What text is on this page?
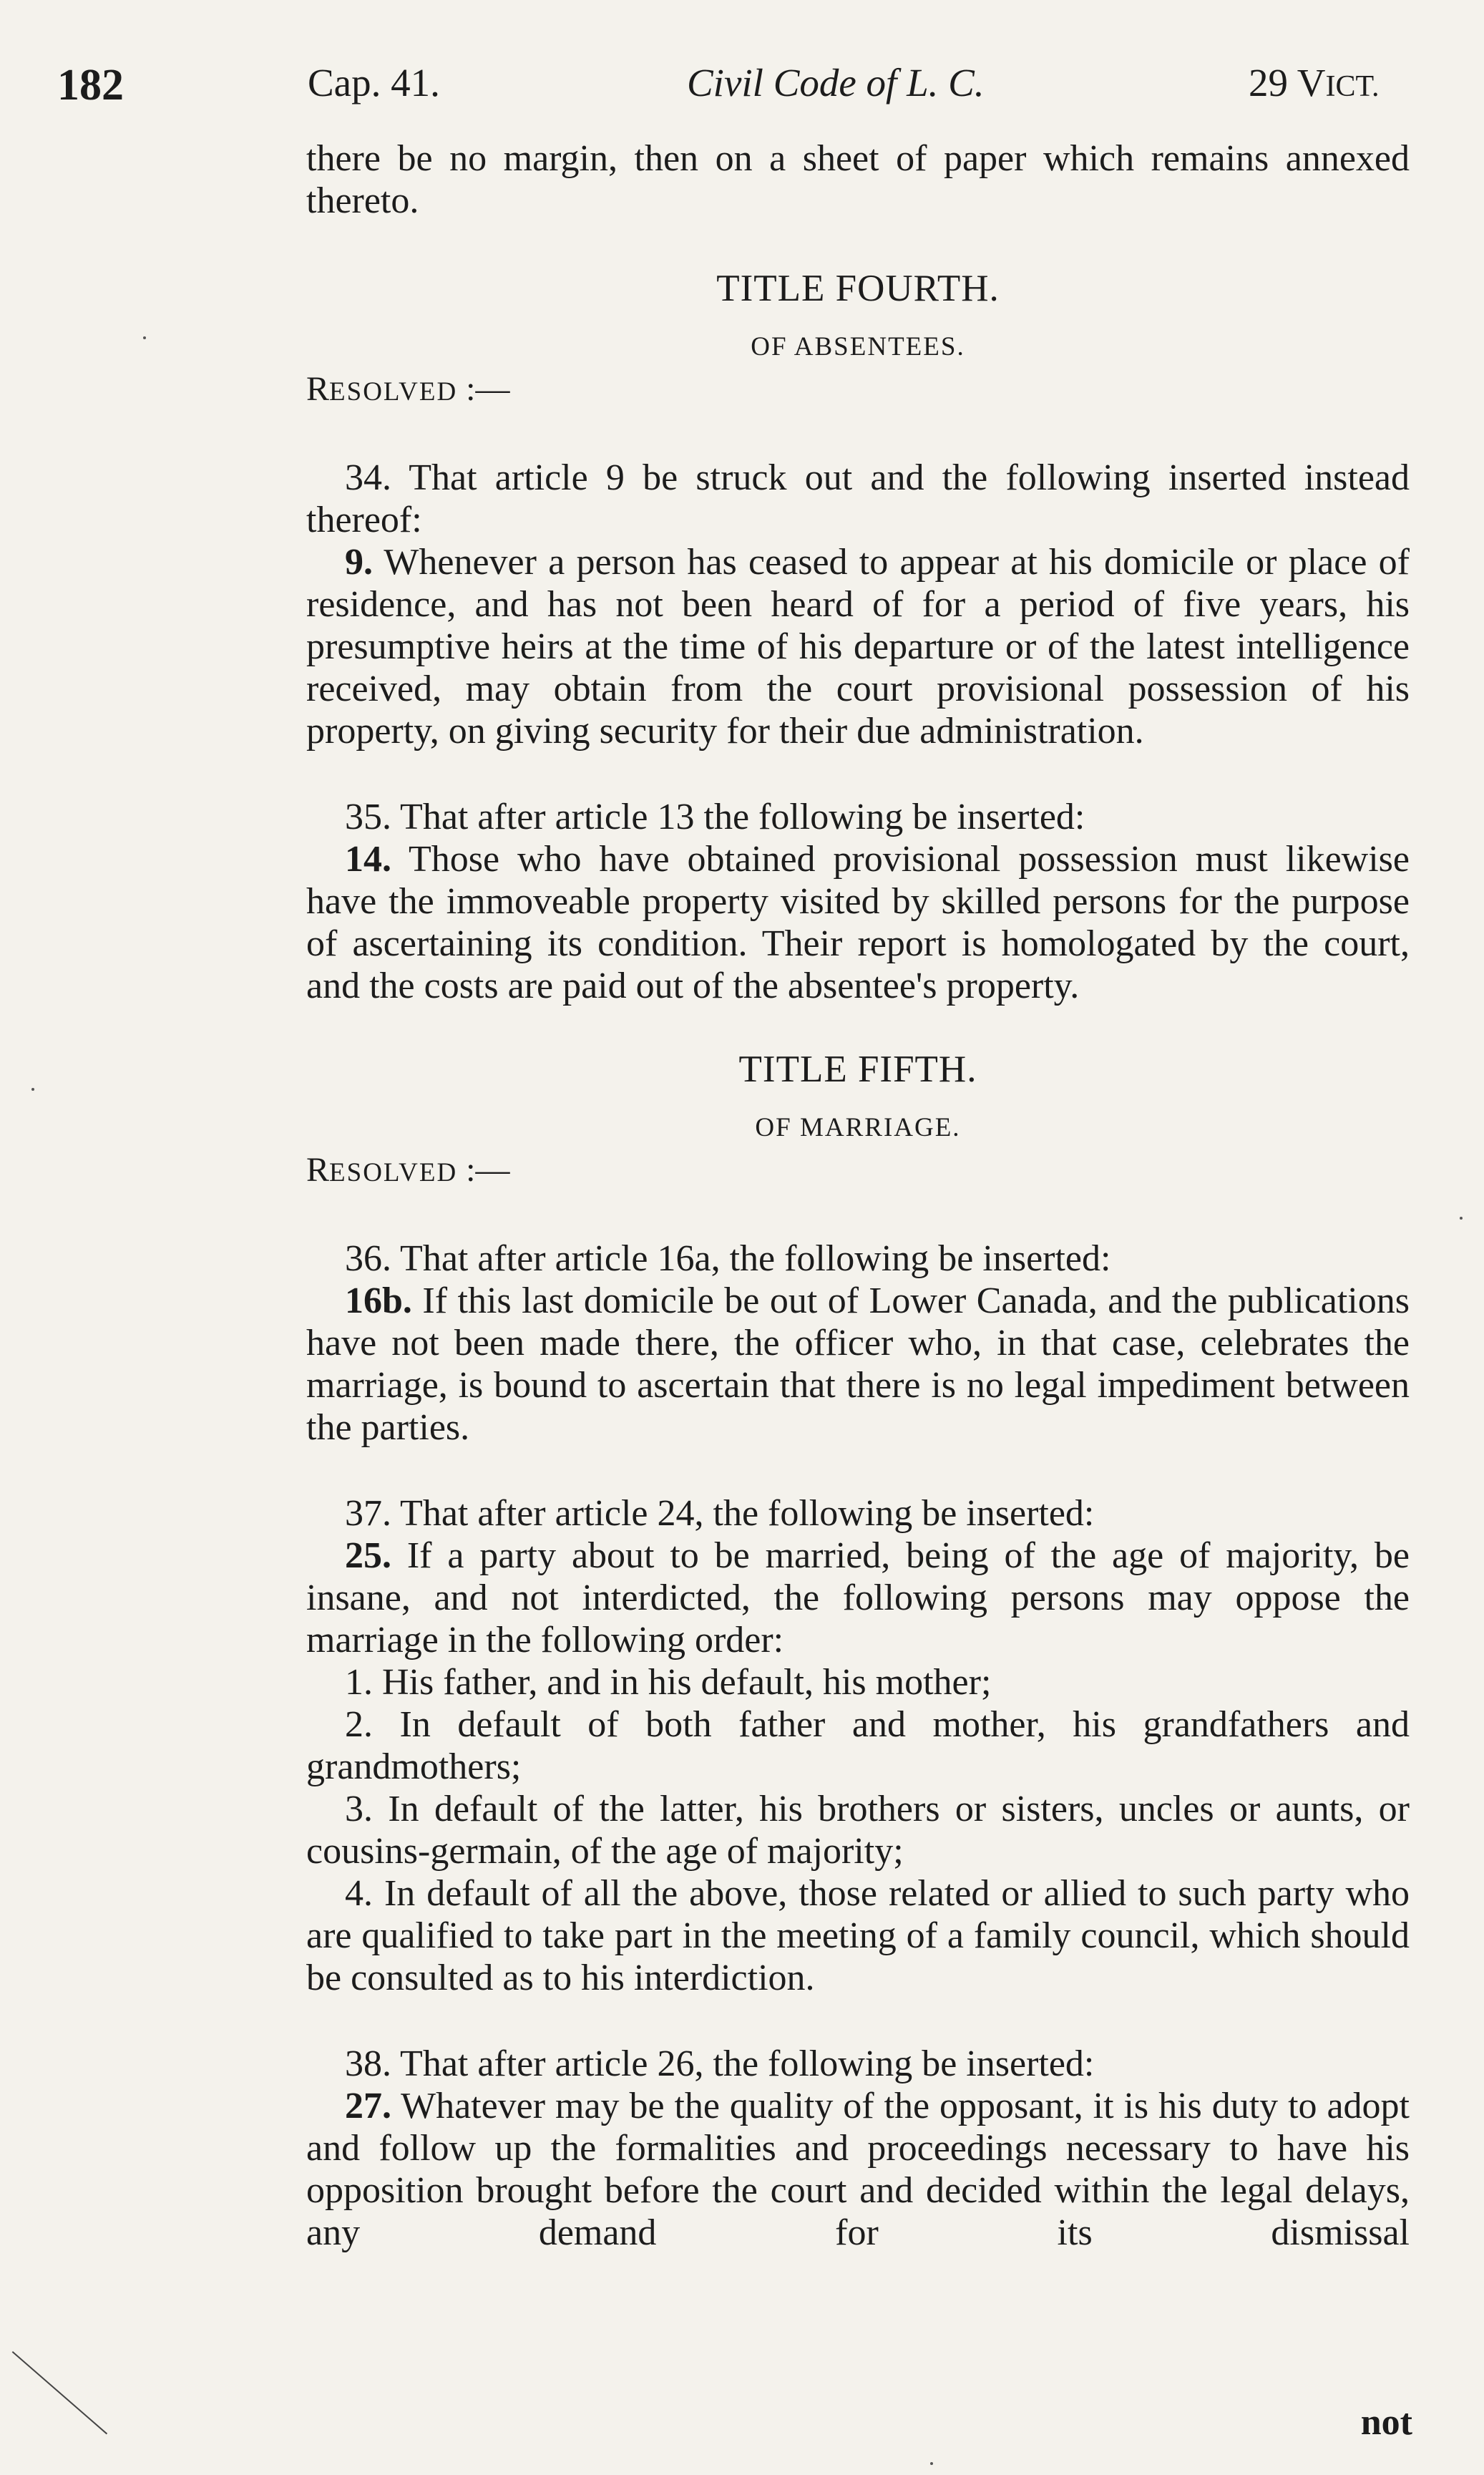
182	Cap. 41.	Civil Code of L. C.	29 VICT.

there be no margin, then on a sheet of paper which remains annexed thereto.

TITLE FOURTH.

OF ABSENTEES.

RESOLVED :—

34. That article 9 be struck out and the following inserted instead thereof:

9. Whenever a person has ceased to appear at his domicile or place of residence, and has not been heard of for a period of five years, his presumptive heirs at the time of his departure or of the latest intelligence received, may obtain from the court provisional possession of his property, on giving security for their due administration.

35. That after article 13 the following be inserted:

14. Those who have obtained provisional possession must likewise have the immoveable property visited by skilled persons for the purpose of ascertaining its condition. Their report is homologated by the court, and the costs are paid out of the absentee's property.

TITLE FIFTH.

OF MARRIAGE.

RESOLVED :—

36. That after article 16a, the following be inserted:

16b. If this last domicile be out of Lower Canada, and the publications have not been made there, the officer who, in that case, celebrates the marriage, is bound to ascertain that there is no legal impediment between the parties.

37. That after article 24, the following be inserted:

25. If a party about to be married, being of the age of majority, be insane, and not interdicted, the following persons may oppose the marriage in the following order:

1. His father, and in his default, his mother;

2. In default of both father and mother, his grandfathers and grandmothers;

3. In default of the latter, his brothers or sisters, uncles or aunts, or cousins-germain, of the age of majority;

4. In default of all the above, those related or allied to such party who are qualified to take part in the meeting of a family council, which should be consulted as to his interdiction.

38. That after article 26, the following be inserted:

27. Whatever may be the quality of the opposant, it is his duty to adopt and follow up the formalities and proceedings necessary to have his opposition brought before the court and decided within the legal delays, any demand for its dismissal

not
